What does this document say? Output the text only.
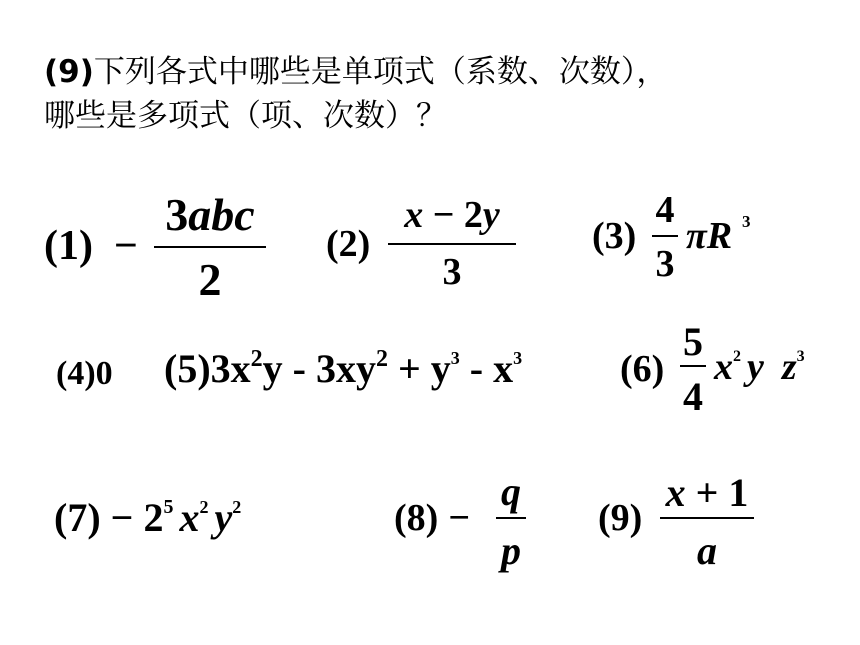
(9)下列各式中哪些是单项式（系数、次数），
哪些是多项式（项、次数）？
(1) −
3abc
2
(2)
x − 2y
3
(3)
4
3
πR 3
(4)0 $(5)3x^2y - 3xy^2 + y^3 - x^3$	(6)
5
4
$x^2$ y $z^3$
$(7) - 2^5$ $x^2$ $y^2$	(8) −
q
p
(9)
x + 1
a
